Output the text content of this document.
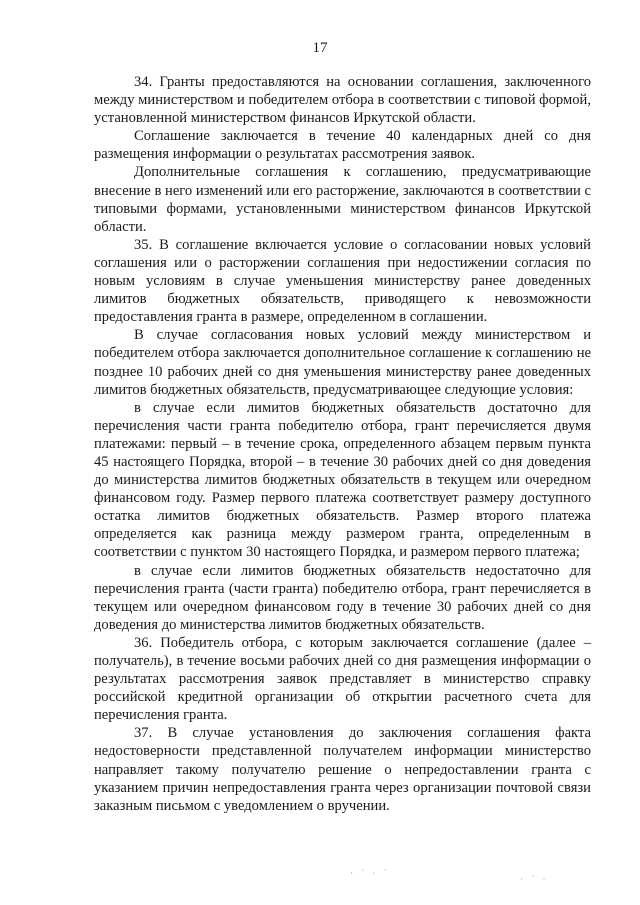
17

34. Гранты предоставляются на основании соглашения, заключенного между министерством и победителем отбора в соответствии с типовой формой, установленной министерством финансов Иркутской области.

Соглашение заключается в течение 40 календарных дней со дня размещения информации о результатах рассмотрения заявок.

Дополнительные соглашения к соглашению, предусматривающие внесение в него изменений или его расторжение, заключаются в соответствии с типовыми формами, установленными министерством финансов Иркутской области.

35. В соглашение включается условие о согласовании новых условий соглашения или о расторжении соглашения при недостижении согласия по новым условиям в случае уменьшения министерству ранее доведенных лимитов бюджетных обязательств, приводящего к невозможности предоставления гранта в размере, определенном в соглашении.

В случае согласования новых условий между министерством и победителем отбора заключается дополнительное соглашение к соглашению не позднее 10 рабочих дней со дня уменьшения министерству ранее доведенных лимитов бюджетных обязательств, предусматривающее следующие условия:

в случае если лимитов бюджетных обязательств достаточно для перечисления части гранта победителю отбора, грант перечисляется двумя платежами: первый – в течение срока, определенного абзацем первым пункта 45 настоящего Порядка, второй – в течение 30 рабочих дней со дня доведения до министерства лимитов бюджетных обязательств в текущем или очередном финансовом году. Размер первого платежа соответствует размеру доступного остатка лимитов бюджетных обязательств. Размер второго платежа определяется как разница между размером гранта, определенным в соответствии с пунктом 30 настоящего Порядка, и размером первого платежа;

в случае если лимитов бюджетных обязательств недостаточно для перечисления гранта (части гранта) победителю отбора, грант перечисляется в текущем или очередном финансовом году в течение 30 рабочих дней со дня доведения до министерства лимитов бюджетных обязательств.

36. Победитель отбора, с которым заключается соглашение (далее – получатель), в течение восьми рабочих дней со дня размещения информации о результатах рассмотрения заявок представляет в министерство справку российской кредитной организации об открытии расчетного счета для перечисления гранта.

37. В случае установления до заключения соглашения факта недостоверности представленной получателем информации министерство направляет такому получателю решение о непредоставлении гранта с указанием причин непредоставления гранта через организации почтовой связи заказным письмом с уведомлением о вручении.

· ˋ · ˊ
· ˊ ·
